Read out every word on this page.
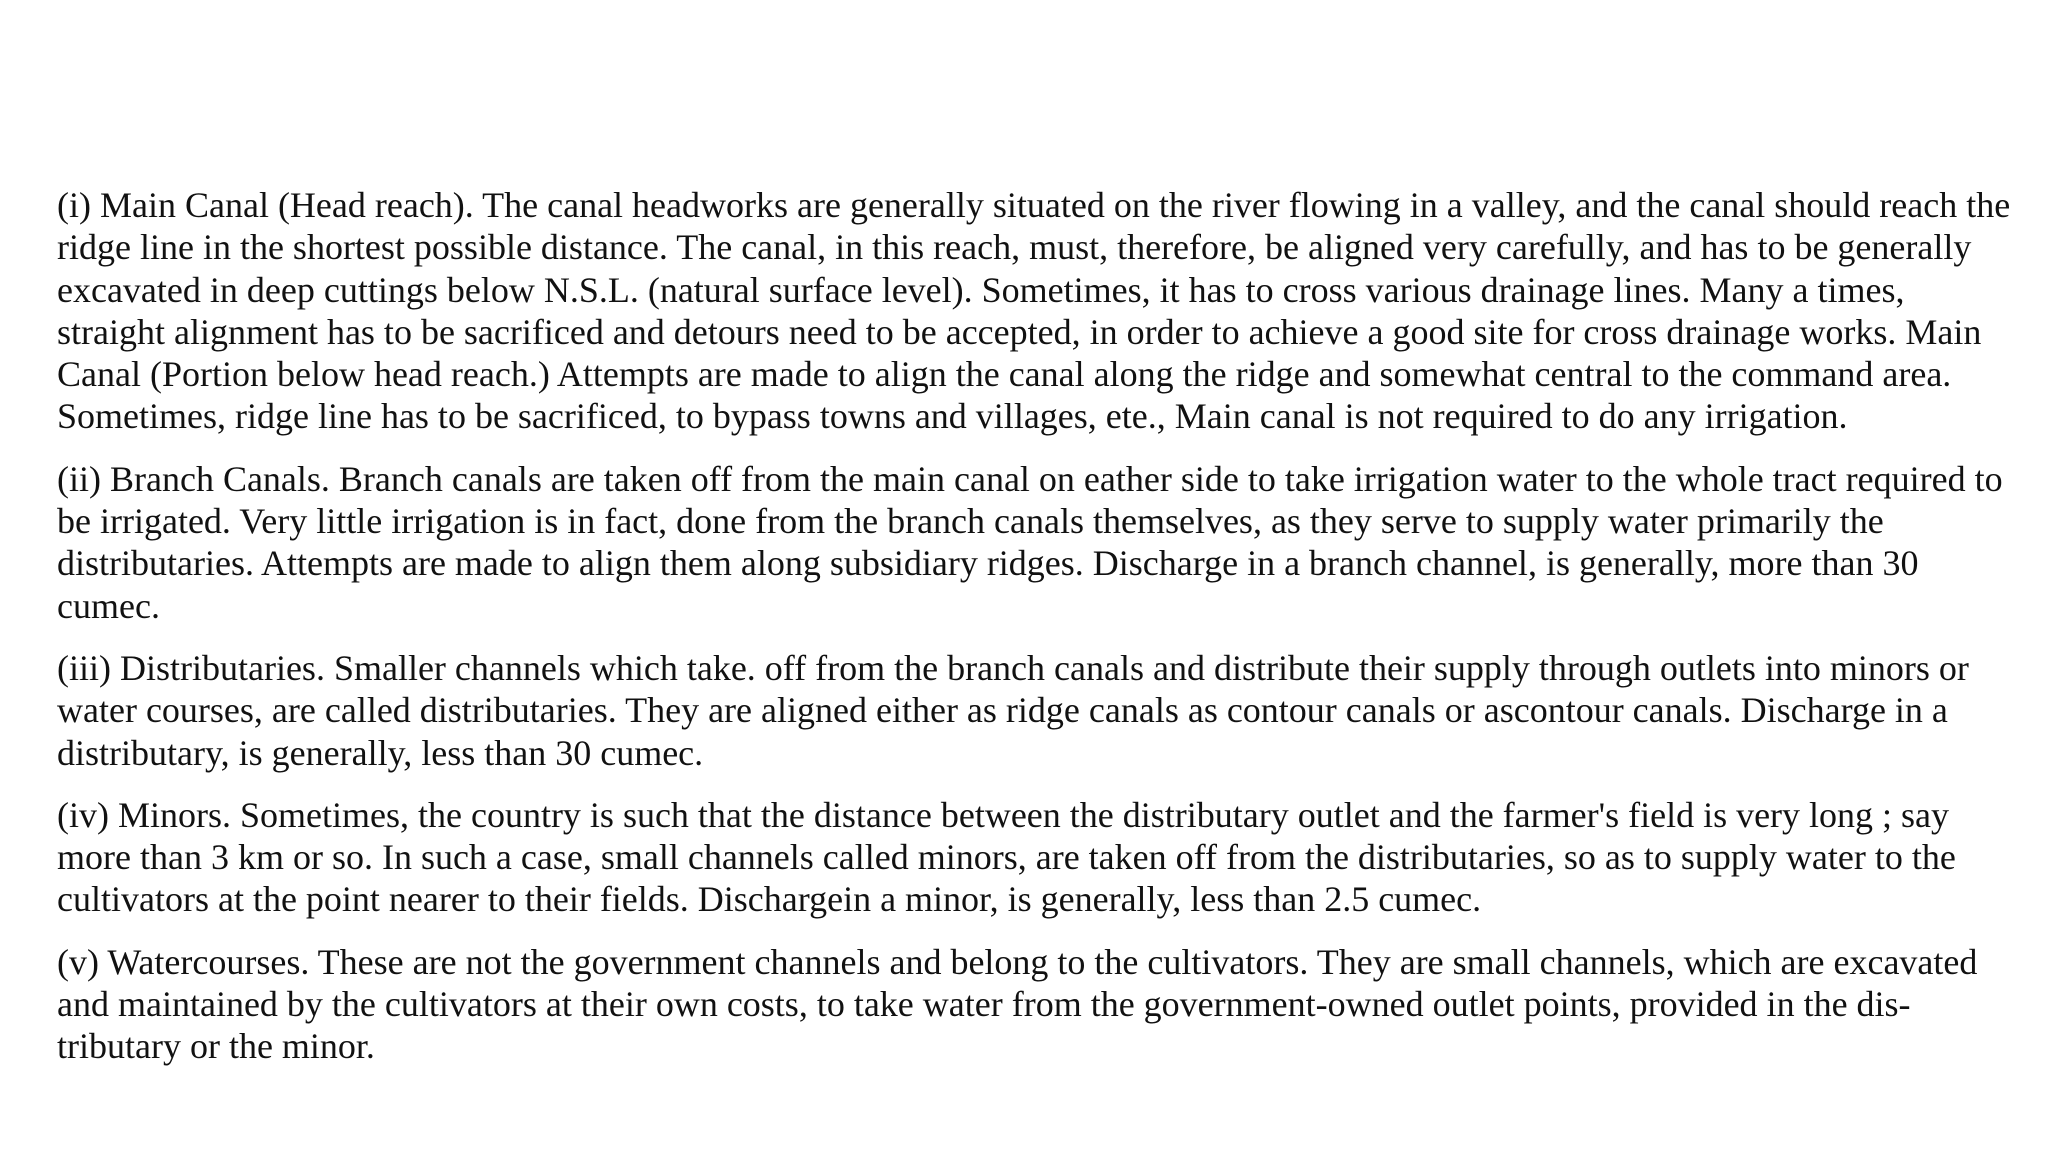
(i) Main Canal (Head reach). The canal headworks are generally situated on the river flowing in a valley, and the canal should reach the ridge line in the shortest possible distance. The canal, in this reach, must, therefore, be aligned very carefully, and has to be generally excavated in deep cuttings below N.S.L. (natural surface level). Sometimes, it has to cross various drainage lines. Many a times, straight alignment has to be sacrificed and detours need to be accepted, in order to achieve a good site for cross drainage works. Main Canal (Portion below head reach.) Attempts are made to align the canal along the ridge and somewhat central to the command area. Sometimes, ridge line has to be sacrificed, to bypass towns and villages, ete., Main canal is not required to do any irrigation.

(ii) Branch Canals. Branch canals are taken off from the main canal on eather side to take irrigation water to the whole tract required to be irrigated. Very little irrigation is in fact, done from the branch canals themselves, as they serve to supply water primarily the distributaries. Attempts are made to align them along subsidiary ridges. Discharge in a branch channel, is generally, more than 30 cumec.

(iii) Distributaries. Smaller channels which take. off from the branch canals and distribute their supply through outlets into minors or water courses, are called distributaries. They are aligned either as ridge canals as contour canals or ascontour canals. Discharge in a distributary, is generally, less than 30 cumec.

(iv) Minors. Sometimes, the country is such that the distance between the distributary outlet and the farmer's field is very long ; say more than 3 km or so. In such a case, small channels called minors, are taken off from the distributaries, so as to supply water to the cultivators at the point nearer to their fields. Dischargein a minor, is generally, less than 2.5 cumec.

(v) Watercourses. These are not the government channels and belong to the cultivators. They are small channels, which are excavated and maintained by the cultivators at their own costs, to take water from the government-owned outlet points, provided in the dis-tributary or the minor.
